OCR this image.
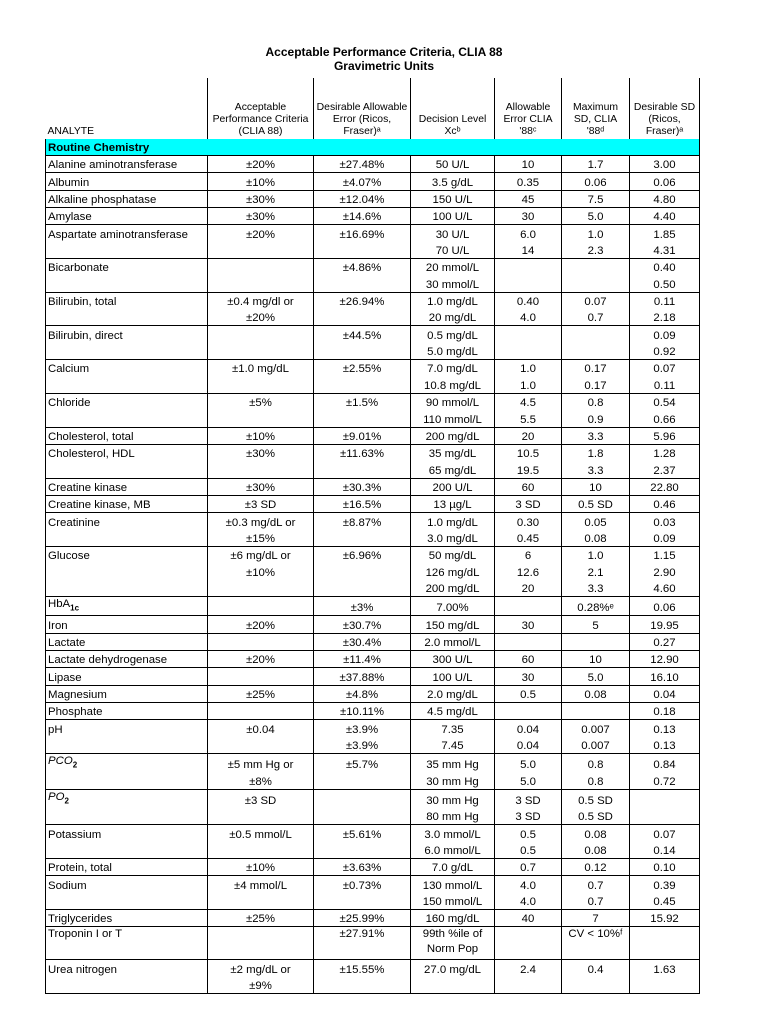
Acceptable Performance Criteria, CLIA 88
Gravimetric Units
ANALYTE	Acceptable Performance Criteria (CLIA 88)	Desirable Allowable Error (Ricos, Fraser)ᵃ	Decision Level Xcᵇ	Allowable Error CLIA '88ᶜ	Maximum SD, CLIA '88ᵈ	Desirable SD (Ricos, Fraser)ᵃ
Routine Chemistry						
Alanine aminotransferase	±20%	±27.48%	50 U/L	10	1.7	3.00
Albumin	±10%	±4.07%	3.5 g/dL	0.35	0.06	0.06
Alkaline phosphatase	±30%	±12.04%	150 U/L	45	7.5	4.80
Amylase	±30%	±14.6%	100 U/L	30	5.0	4.40
Aspartate aminotransferase	±20%	±16.69%	30 U/L	6.0	1.0	1.85
			70 U/L	14	2.3	4.31
Bicarbonate		±4.86%	20 mmol/L			0.40
			30 mmol/L			0.50
Bilirubin, total	±0.4 mg/dl or	±26.94%	1.0 mg/dL	0.40	0.07	0.11
	±20%		20 mg/dL	4.0	0.7	2.18
Bilirubin, direct		±44.5%	0.5 mg/dL			0.09
			5.0 mg/dL			0.92
Calcium	±1.0 mg/dL	±2.55%	7.0 mg/dL	1.0	0.17	0.07
			10.8 mg/dL	1.0	0.17	0.11
Chloride	±5%	±1.5%	90 mmol/L	4.5	0.8	0.54
			110 mmol/L	5.5	0.9	0.66
Cholesterol, total	±10%	±9.01%	200 mg/dL	20	3.3	5.96
Cholesterol, HDL	±30%	±11.63%	35 mg/dL	10.5	1.8	1.28
			65 mg/dL	19.5	3.3	2.37
Creatine kinase	±30%	±30.3%	200 U/L	60	10	22.80
Creatine kinase, MB	±3 SD	±16.5%	13 µg/L	3 SD	0.5 SD	0.46
Creatinine	±0.3 mg/dL or	±8.87%	1.0 mg/dL	0.30	0.05	0.03
	±15%		3.0 mg/dL	0.45	0.08	0.09
Glucose	±6 mg/dL or	±6.96%	50 mg/dL	6	1.0	1.15
	±10%		126 mg/dL	12.6	2.1	2.90
			200 mg/dL	20	3.3	4.60
HbA$_{1c}$		±3%	7.00%		0.28%ᵉ	0.06
Iron	±20%	±30.7%	150 mg/dL	30	5	19.95
Lactate		±30.4%	2.0 mmol/L			0.27
Lactate dehydrogenase	±20%	±11.4%	300 U/L	60	10	12.90
Lipase		±37.88%	100 U/L	30	5.0	16.10
Magnesium	±25%	±4.8%	2.0 mg/dL	0.5	0.08	0.04
Phosphate		±10.11%	4.5 mg/dL			0.18
pH	±0.04	±3.9%	7.35	0.04	0.007	0.13
		±3.9%	7.45	0.04	0.007	0.13
$PCO_2$	±5 mm Hg or	±5.7%	35 mm Hg	5.0	0.8	0.84
	±8%		30 mm Hg	5.0	0.8	0.72
$PO_2$	±3 SD		30 mm Hg	3 SD	0.5 SD	
			80 mm Hg	3 SD	0.5 SD	
Potassium	±0.5 mmol/L	±5.61%	3.0 mmol/L	0.5	0.08	0.07
			6.0 mmol/L	0.5	0.08	0.14
Protein, total	±10%	±3.63%	7.0 g/dL	0.7	0.12	0.10
Sodium	±4 mmol/L	±0.73%	130 mmol/L	4.0	0.7	0.39
			150 mmol/L	4.0	0.7	0.45
Triglycerides	±25%	±25.99%	160 mg/dL	40	7	15.92
Troponin I or T		±27.91%	99th %ile of Norm Pop		CV < 10%ᶠ	
Urea nitrogen	±2 mg/dL or	±15.55%	27.0 mg/dL	2.4	0.4	1.63
	±9%					
